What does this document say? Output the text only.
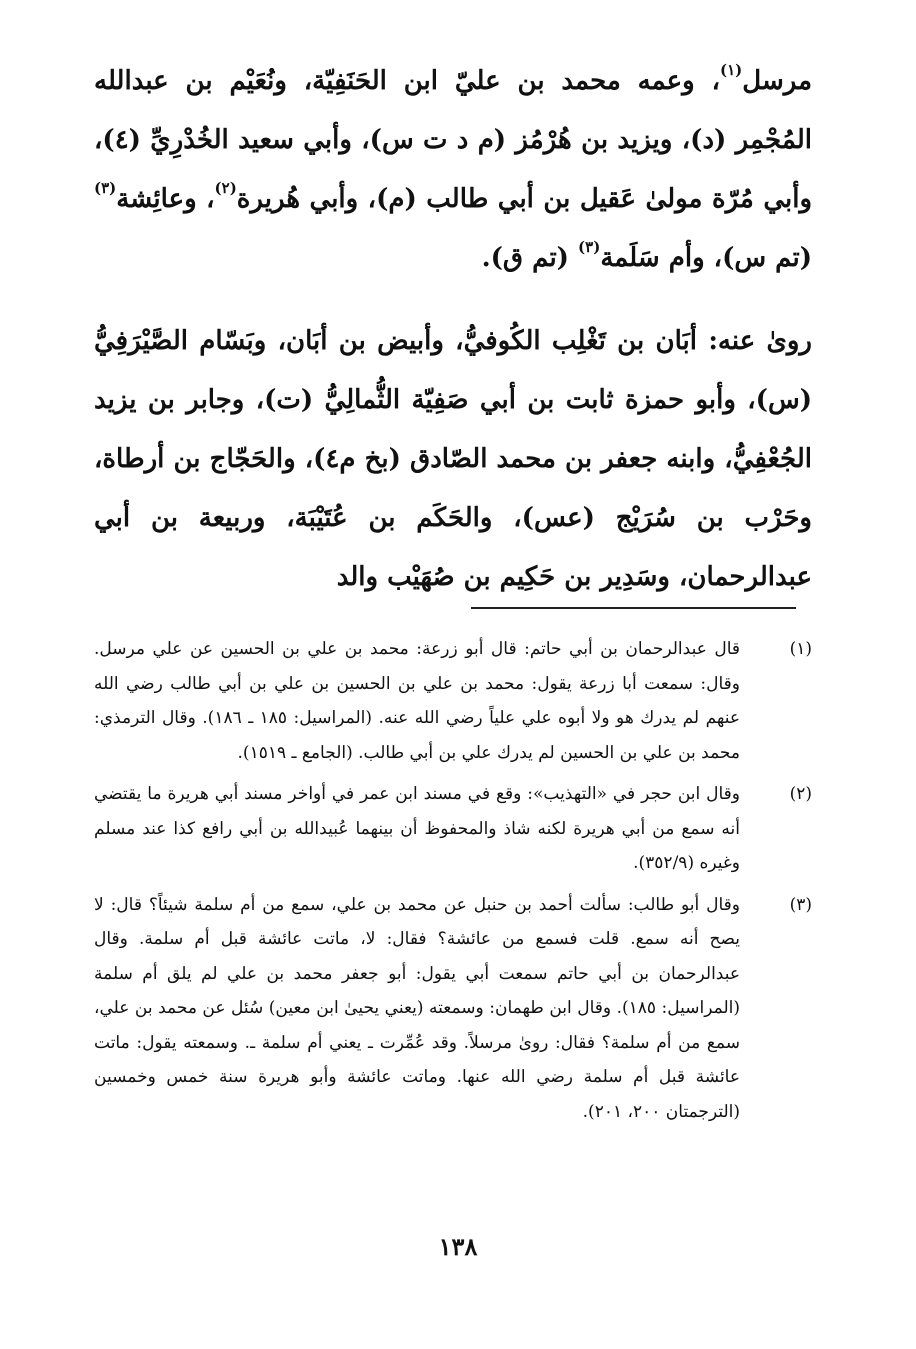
مرسل$^{(١)}$، وعمه محمد بن عليّ ابن الحَنَفِيّة، ونُعَيْم بن عبدالله المُجْمِر (د)، ويزيد بن هُرْمُز (م د ت س)، وأبي سعيد الخُدْرِيِّ (٤)، وأبي مُرّة مولىٰ عَقيل بن أبي طالب (م)، وأبي هُريرة$^{(٢)}$، وعائِشة$^{(٣)}$ (تم س)، وأم سَلَمة$^{(٣)}$ (تم ق).

روىٰ عنه: أبَان بن تَغْلِب الكُوفيُّ، وأبيض بن أبَان، وبَسّام الصَّيْرَفِيُّ (س)، وأبو حمزة ثابت بن أبي صَفِيّة الثُّمالِيُّ (ت)، وجابر بن يزيد الجُعْفِيُّ، وابنه جعفر بن محمد الصّادق (بخ م٤)، والحَجّاج بن أرطاة، وحَرْب بن سُرَيْج (عس)، والحَكَم بن عُتَيْبَة، وربيعة بن أبي عبدالرحمان، وسَدِير بن حَكِيم بن صُهَيْب والد

(١)
قال عبدالرحمان بن أبي حاتم: قال أبو زرعة: محمد بن علي بن الحسين عن علي مرسل. وقال: سمعت أبا زرعة يقول: محمد بن علي بن الحسين بن علي بن أبي طالب رضي الله عنهم لم يدرك هو ولا أبوه علي علياً رضي الله عنه. (المراسيل: ١٨٥ ـ ١٨٦). وقال الترمذي: محمد بن علي بن الحسين لم يدرك علي بن أبي طالب. (الجامع ـ ١٥١٩).
(٢)
وقال ابن حجر في «التهذيب»: وقع في مسند ابن عمر في أواخر مسند أبي هريرة ما يقتضي أنه سمع من أبي هريرة لكنه شاذ والمحفوظ أن بينهما عُبيدالله بن أبي رافع كذا عند مسلم وغيره (٣٥٢/٩).
(٣)
وقال أبو طالب: سألت أحمد بن حنبل عن محمد بن علي، سمع من أم سلمة شيئاً؟ قال: لا يصح أنه سمع. قلت فسمع من عائشة؟ فقال: لا، ماتت عائشة قبل أم سلمة. وقال عبدالرحمان بن أبي حاتم سمعت أبي يقول: أبو جعفر محمد بن علي لم يلق أم سلمة (المراسيل: ١٨٥). وقال ابن طهمان: وسمعته (يعني يحيىٰ ابن معين) سُئل عن محمد بن علي، سمع من أم سلمة؟ فقال: روىٰ مرسلاً. وقد عُمِّرت ـ يعني أم سلمة ـ. وسمعته يقول: ماتت عائشة قبل أم سلمة رضي الله عنها. وماتت عائشة وأبو هريرة سنة خمس وخمسين (الترجمتان ٢٠٠، ٢٠١).
١٣٨
